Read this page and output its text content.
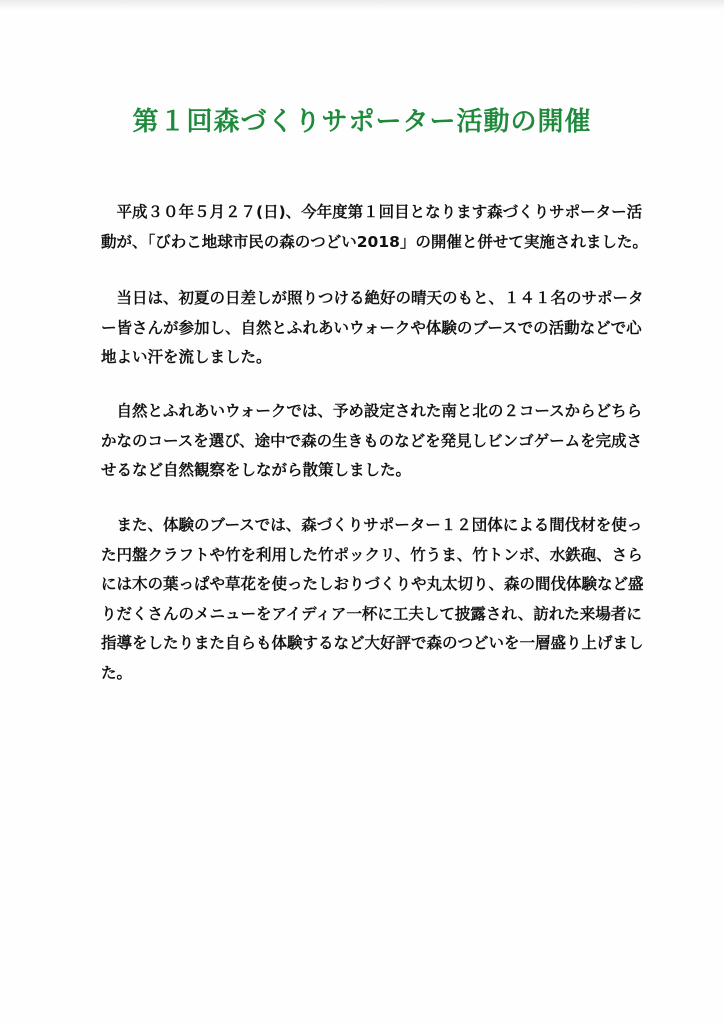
第１回森づくりサポーター活動の開催

　平成３０年５月２７(日)、今年度第１回目となります森づくりサポーター活
動が、「びわこ地球市民の森のつどい2018」の開催と併せて実施されました。

　当日は、初夏の日差しが照りつける絶好の晴天のもと、１４１名のサポータ
ー皆さんが参加し、自然とふれあいウォークや体験のブースでの活動などで心
地よい汗を流しました。

　自然とふれあいウォークでは、予め設定された南と北の２コースからどちら
かなのコースを選び、途中で森の生きものなどを発見しビンゴゲームを完成さ
せるなど自然観察をしながら散策しました。

　また、体験のブースでは、森づくりサポーター１２団体による間伐材を使っ
た円盤クラフトや竹を利用した竹ポックリ、竹うま、竹トンボ、水鉄砲、さら
には木の葉っぱや草花を使ったしおりづくりや丸太切り、森の間伐体験など盛
りだくさんのメニューをアイディア一杯に工夫して披露され、訪れた来場者に
指導をしたりまた自らも体験するなど大好評で森のつどいを一層盛り上げまし
た。
